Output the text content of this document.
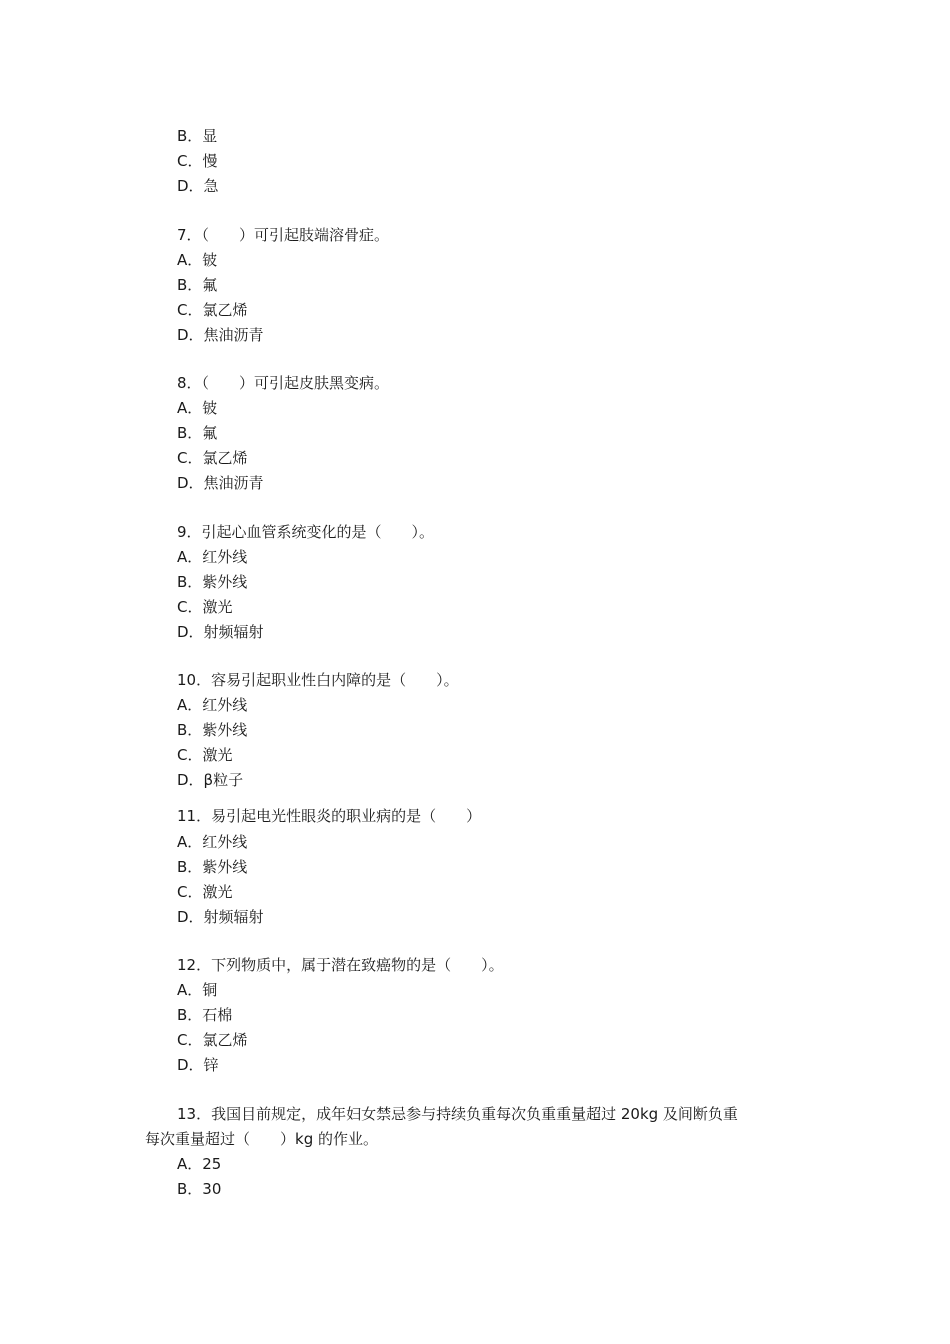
B．显
C．慢
D．急
7．（　　）可引起肢端溶骨症。
A．铍
B．氟
C．氯乙烯
D．焦油沥青
8．（　　）可引起皮肤黑变病。
A．铍
B．氟
C．氯乙烯
D．焦油沥青
9．引起心血管系统变化的是（　　）。
A．红外线
B．紫外线
C．激光
D．射频辐射
10．容易引起职业性白内障的是（　　）。
A．红外线
B．紫外线
C．激光
D．β粒子
11．易引起电光性眼炎的职业病的是（　　）
A．红外线
B．紫外线
C．激光
D．射频辐射
12．下列物质中，属于潜在致癌物的是（　　）。
A．铜
B．石棉
C．氯乙烯
D．锌
13．我国目前规定，成年妇女禁忌参与持续负重每次负重重量超过 20kg 及间断负重
每次重量超过（　　）kg 的作业。
A．25
B．30
